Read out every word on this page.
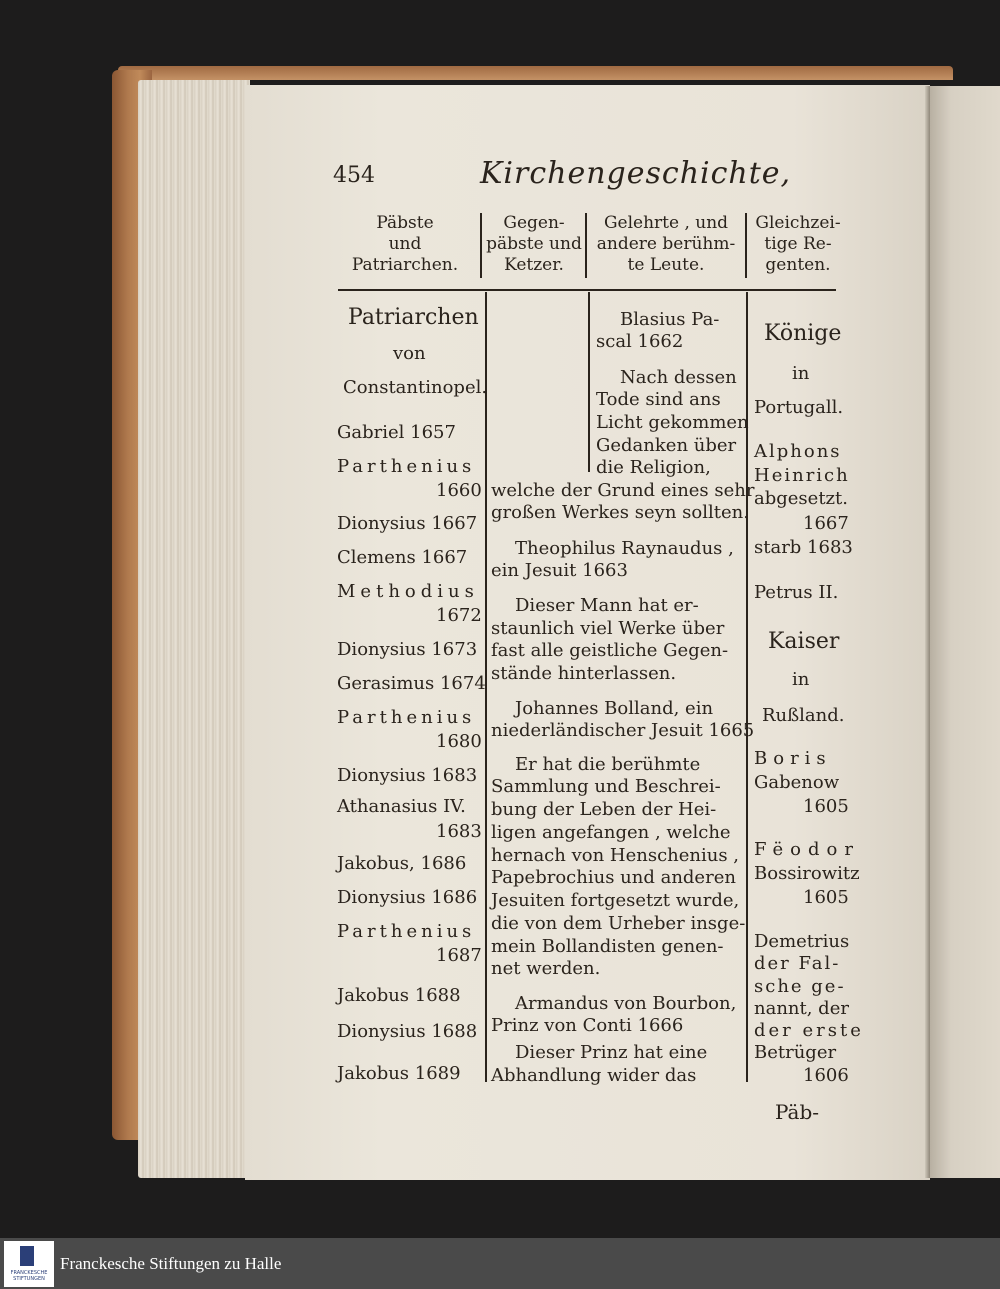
454	Kirchengeschichte,
Päbste
und
Patriarchen.
Gegen-
päbste und
Ketzer.
Gelehrte , und
andere berühm-
te Leute.
Gleichzei-
tige Re-
genten.
Patriarchen
von
Constantinopel.
Gabriel 1657
Parthenius
1660
Dionysius 1667
Clemens 1667
Methodius
1672
Dionysius 1673
Gerasimus 1674
Parthenius
1680
Dionysius 1683
Athanasius IV.
1683
Jakobus, 1686
Dionysius 1686
Parthenius
1687
Jakobus 1688
Dionysius 1688
Jakobus 1689
Blasius Pa-
scal 1662
Nach dessen
Tode sind ans
Licht gekommen
Gedanken über
die Religion,
welche der Grund eines sehr
großen Werkes seyn sollten.
Theophilus Raynaudus ,
ein Jesuit 1663
Dieser Mann hat er-
staunlich viel Werke über
fast alle geistliche Gegen-
stände hinterlassen.
Johannes Bolland, ein
niederländischer Jesuit 1665
Er hat die berühmte
Sammlung und Beschrei-
bung der Leben der Hei-
ligen angefangen , welche
hernach von Henschenius ,
Papebrochius und anderen
Jesuiten fortgesetzt wurde,
die von dem Urheber insge-
mein Bollandisten genen-
net werden.
Armandus von Bourbon,
Prinz von Conti 1666
Dieser Prinz hat eine
Abhandlung wider das
Könige
in
Portugall.
Alphons
Heinrich
abgesetzt.
1667
starb 1683
Petrus II.
Kaiser
in
Rußland.
Boris
Gabenow
1605
Fëodor
Bossirowitz
1605
Demetrius
der Fal-
sche ge-
nannt, der
der erste
Betrüger
1606
Päb-
FRANCKESCHE STIFTUNGEN
Franckesche Stiftungen zu Halle
